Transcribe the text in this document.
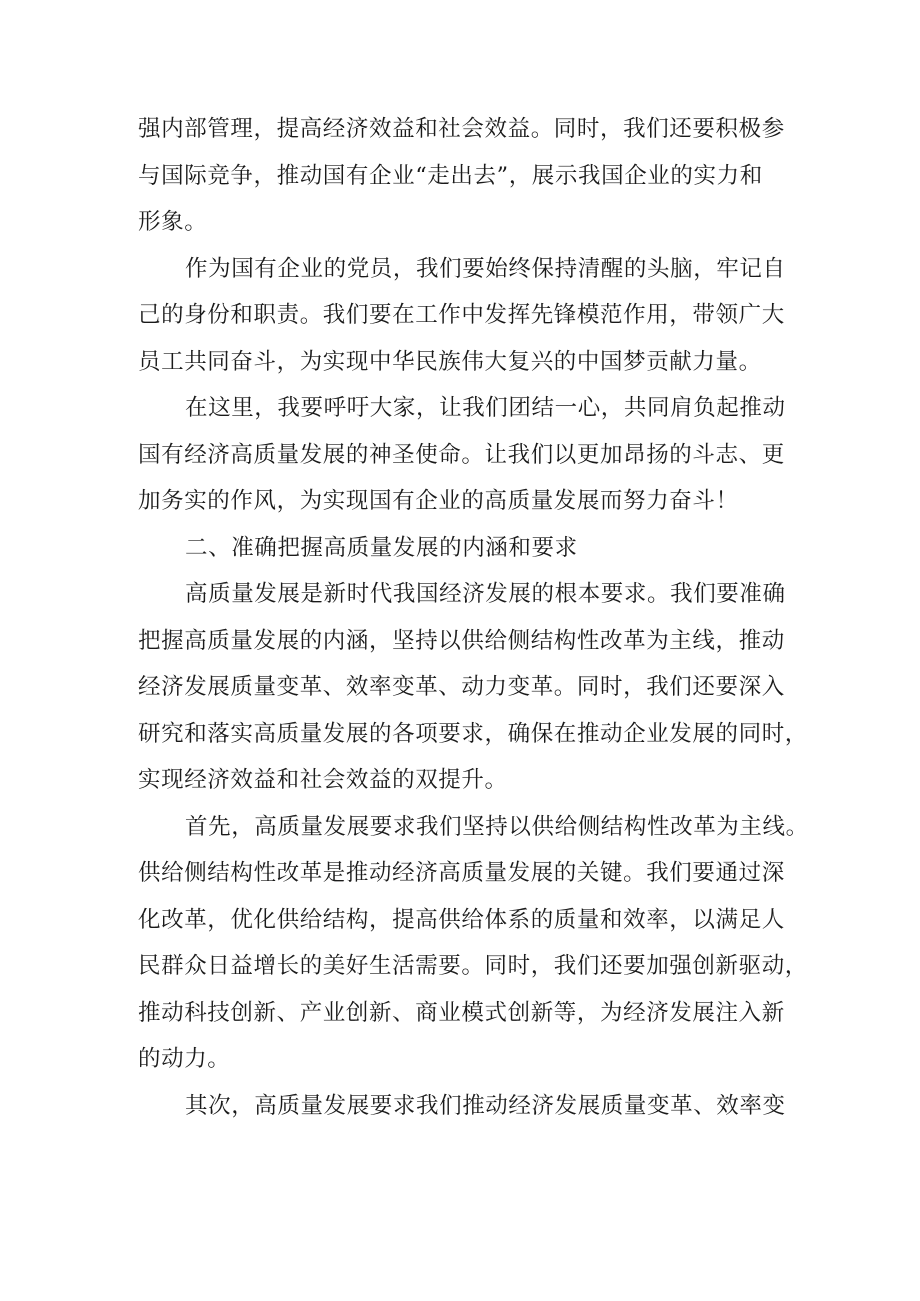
强内部管理，提高经济效益和社会效益。同时，我们还要积极参
与国际竞争，推动国有企业“走出去”，展示我国企业的实力和
形象。

作为国有企业的党员，我们要始终保持清醒的头脑，牢记自
己的身份和职责。我们要在工作中发挥先锋模范作用，带领广大
员工共同奋斗，为实现中华民族伟大复兴的中国梦贡献力量。

在这里，我要呼吁大家，让我们团结一心，共同肩负起推动
国有经济高质量发展的神圣使命。让我们以更加昂扬的斗志、更
加务实的作风，为实现国有企业的高质量发展而努力奋斗！

二、准确把握高质量发展的内涵和要求

高质量发展是新时代我国经济发展的根本要求。我们要准确
把握高质量发展的内涵，坚持以供给侧结构性改革为主线，推动
经济发展质量变革、效率变革、动力变革。同时，我们还要深入
研究和落实高质量发展的各项要求，确保在推动企业发展的同时，
实现经济效益和社会效益的双提升。

首先，高质量发展要求我们坚持以供给侧结构性改革为主线。
供给侧结构性改革是推动经济高质量发展的关键。我们要通过深
化改革，优化供给结构，提高供给体系的质量和效率，以满足人
民群众日益增长的美好生活需要。同时，我们还要加强创新驱动，
推动科技创新、产业创新、商业模式创新等，为经济发展注入新
的动力。

其次，高质量发展要求我们推动经济发展质量变革、效率变
